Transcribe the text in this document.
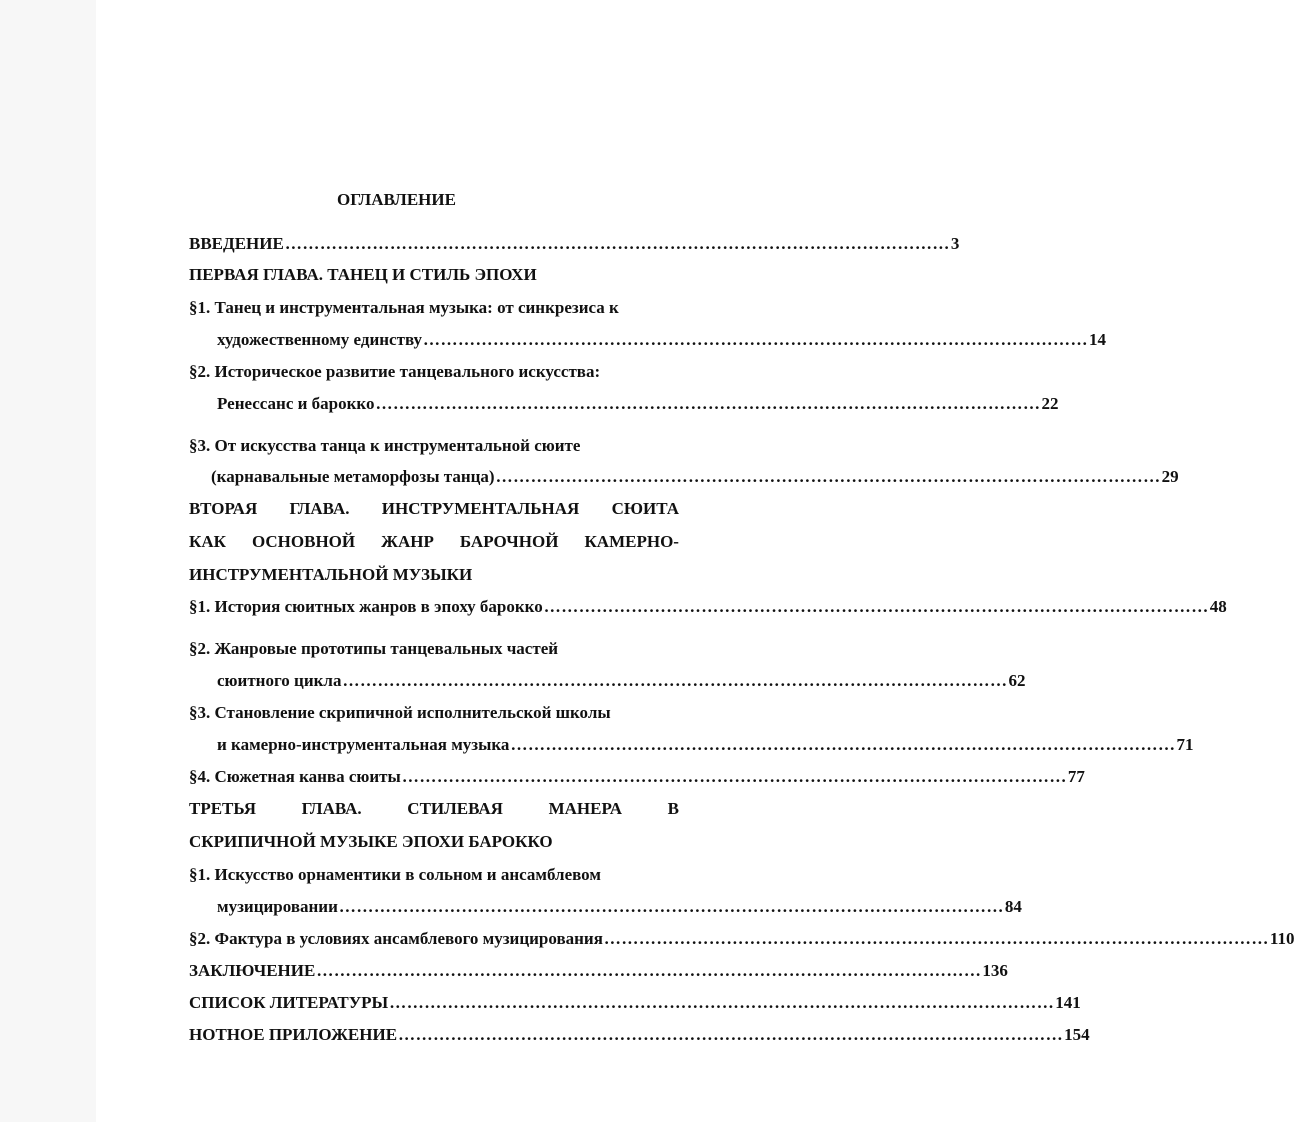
ОГЛАВЛЕНИЕ
ВВЕДЕНИЕ …………………………………………………………………………………………………… 3
ПЕРВАЯ ГЛАВА. ТАНЕЦ И СТИЛЬ ЭПОХИ
§1. Танец и инструментальная музыка: от синкрезиса к
художественному единству …………………………………………………………………………………………………… 14
§2. Историческое развитие танцевального искусства:
Ренессанс и барокко …………………………………………………………………………………………………… 22
§3. От искусства танца к инструментальной сюите
(карнавальные метаморфозы танца) …………………………………………………………………………………………………… 29
ВТОРАЯ ГЛАВА. ИНСТРУМЕНТАЛЬНАЯ СЮИТА
КАК ОСНОВНОЙ ЖАНР БАРОЧНОЙ КАМЕРНО-
ИНСТРУМЕНТАЛЬНОЙ МУЗЫКИ
§1. История сюитных жанров в эпоху барокко …………………………………………………………………………………………………… 48
§2. Жанровые прототипы танцевальных частей
сюитного цикла …………………………………………………………………………………………………… 62
§3. Становление скрипичной исполнительской школы
и камерно-инструментальная музыка …………………………………………………………………………………………………… 71
§4. Сюжетная канва сюиты …………………………………………………………………………………………………… 77
ТРЕТЬЯ	ГЛАВА.	СТИЛЕВАЯ	МАНЕРА	В
СКРИПИЧНОЙ МУЗЫКЕ ЭПОХИ БАРОККО
§1. Искусство орнаментики в сольном и ансамблевом
музицировании …………………………………………………………………………………………………… 84
§2. Фактура в условиях ансамблевого музицирования …………………………………………………………………………………………………… 110
ЗАКЛЮЧЕНИЕ …………………………………………………………………………………………………… 136
СПИСОК ЛИТЕРАТУРЫ …………………………………………………………………………………………………… 141
НОТНОЕ ПРИЛОЖЕНИЕ …………………………………………………………………………………………………… 154
